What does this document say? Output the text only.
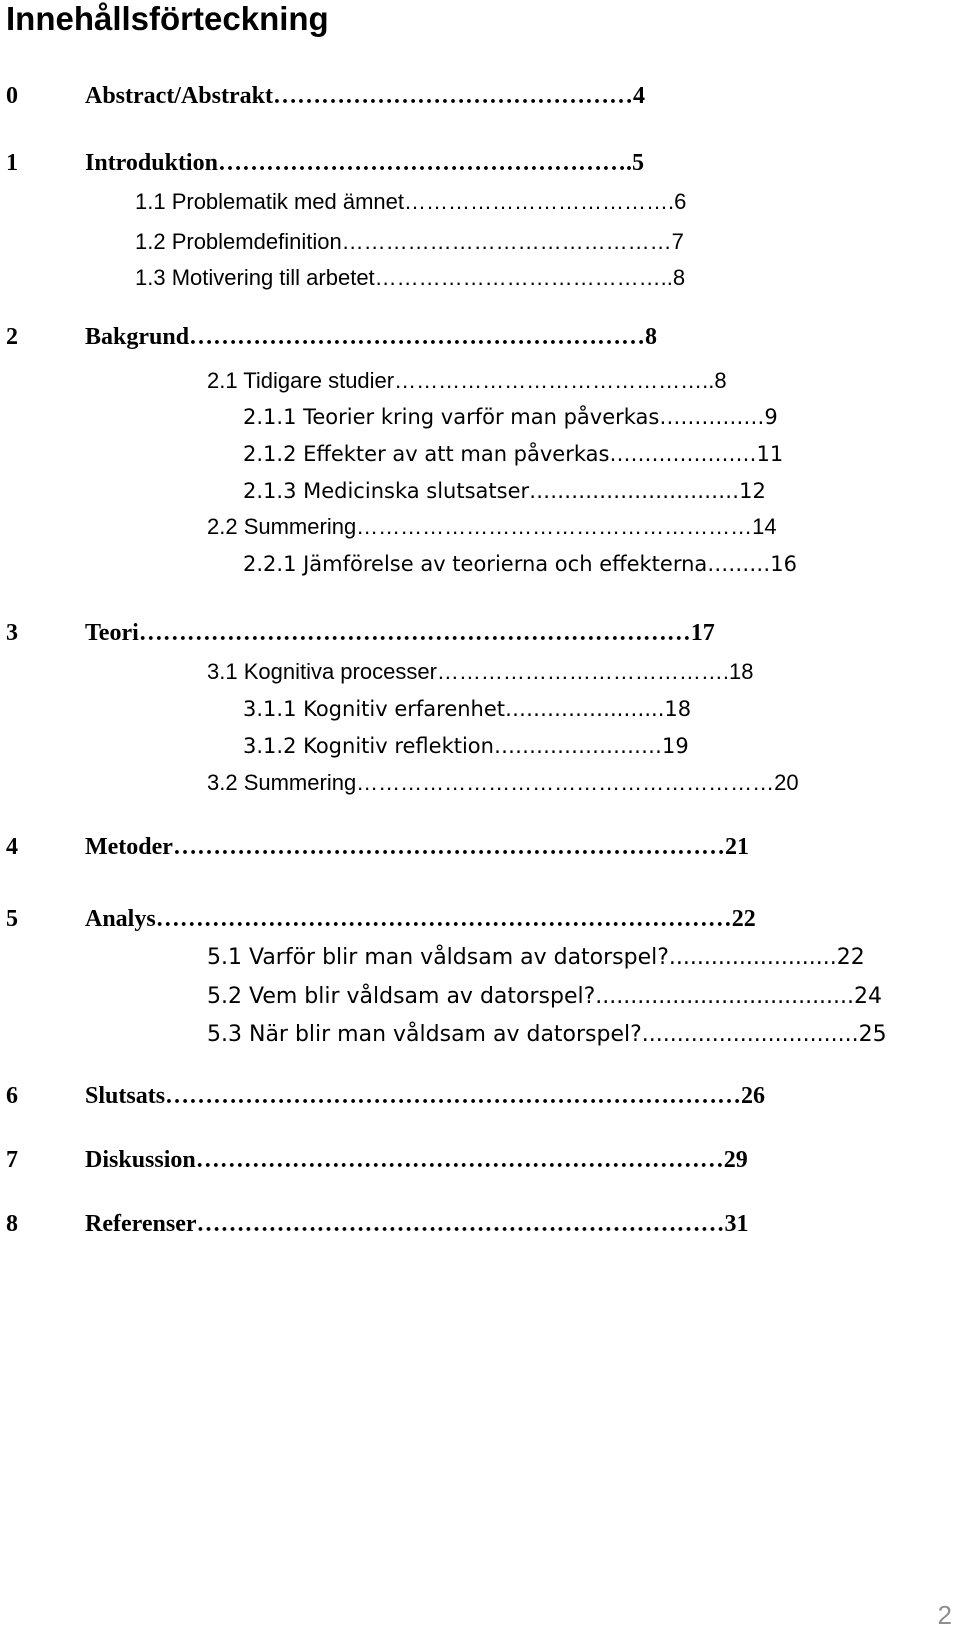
Innehållsförteckning
0	Abstract/Abstrakt………………………………………4
1	Introduktion…………………………………………….5
1.1 Problematik med ämnet……………………………….6
1.2 Problemdefinition………………………………………7
1.3 Motivering till arbetet…………………………………..8
2	Bakgrund…………………………………………………8
2.1 Tidigare studier……………………………………..8
2.1.1 Teorier kring varför man påverkas……………9
2.1.2 Effekter av att man påverkas…………………11
2.1.3 Medicinska slutsatser…………………………12
2.2 Summering………………………………………………14
2.2.1 Jämförelse av teorierna och effekterna………16
3	Teori……………………………………………………………17
3.1 Kognitiva processer………………………………….18
3.1.1 Kognitiv erfarenhet……………..…...18
3.1.2 Kognitiv reflektion……………………19
3.2 Summering…………………………………………………20
4	Metoder……………………………………………………………21
5	Analys………………………………………………………………22
5.1 Varför blir man våldsam av datorspel?........................22
5.2 Vem blir våldsam av datorspel?.....................................24
5.3 När blir man våldsam av datorspel?...............................25
6	Slutsats………………………………………………………………26
7	Diskussion…………………………………………………………29
8	Referenser…………………………………………………………31
2
